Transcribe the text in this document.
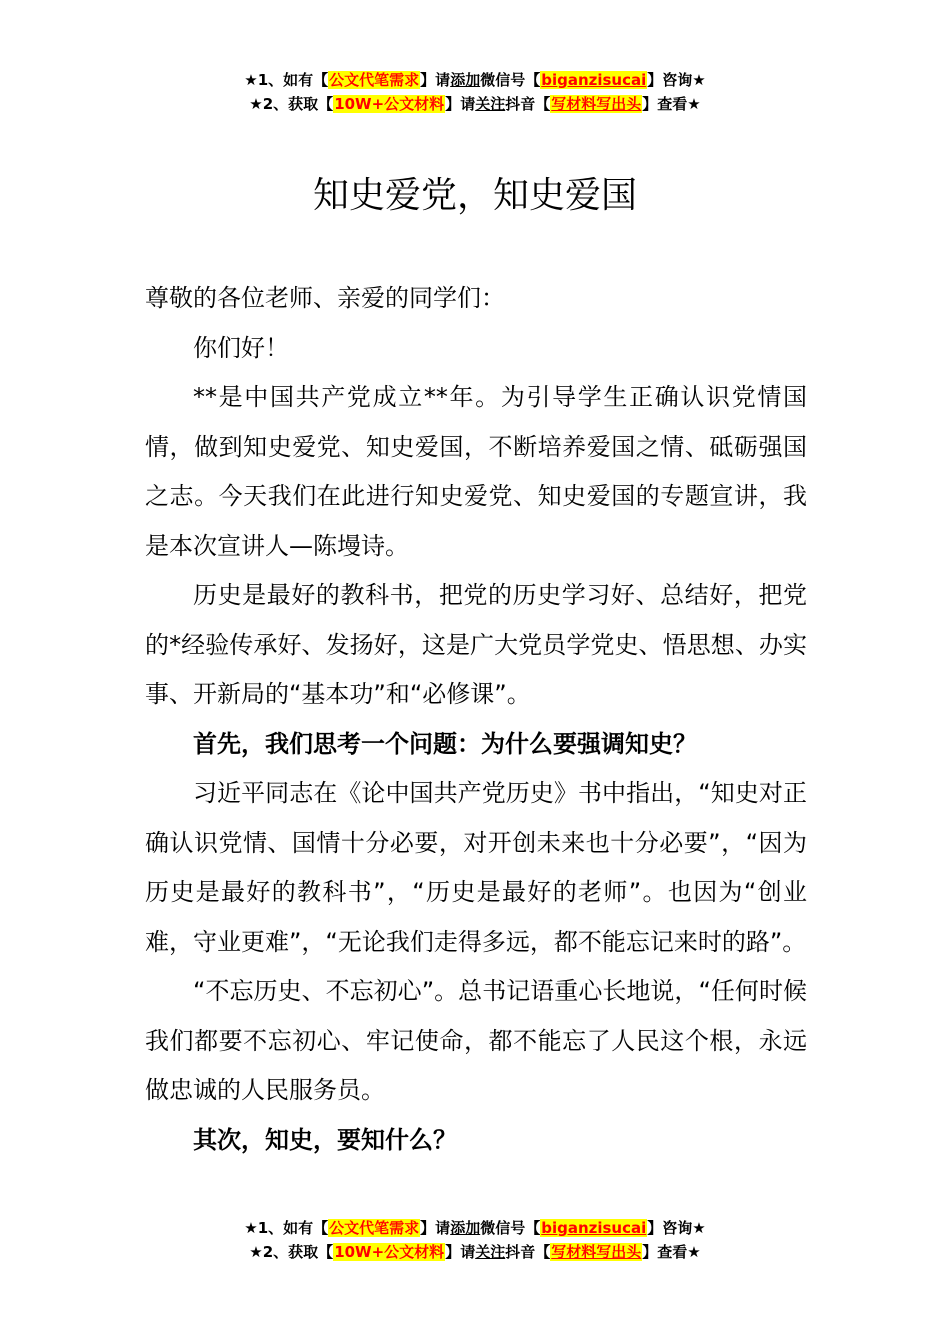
★1、如有【公文代笔需求】请添加微信号【biganzisucai】咨询★
★2、获取【10W+公文材料】请关注抖音【写材料写出头】查看★
知史爱党，知史爱国

尊敬的各位老师、亲爱的同学们：

你们好！

**是中国共产党成立**年。为引导学生正确认识党情国情，做到知史爱党、知史爱国，不断培养爱国之情、砥砺强国之志。今天我们在此进行知史爱党、知史爱国的专题宣讲，我是本次宣讲人—陈墁诗。

历史是最好的教科书，把党的历史学习好、总结好，把党的*经验传承好、发扬好，这是广大党员学党史、悟思想、办实事、开新局的“基本功”和“必修课”。

首先，我们思考一个问题：为什么要强调知史？

习近平同志在《论中国共产党历史》书中指出，“知史对正确认识党情、国情十分必要，对开创未来也十分必要”，“因为历史是最好的教科书”，“历史是最好的老师”。也因为“创业难，守业更难”，“无论我们走得多远，都不能忘记来时的路”。

“不忘历史、不忘初心”。总书记语重心长地说，“任何时候我们都要不忘初心、牢记使命，都不能忘了人民这个根，永远做忠诚的人民服务员。

其次，知史，要知什么？

★1、如有【公文代笔需求】请添加微信号【biganzisucai】咨询★
★2、获取【10W+公文材料】请关注抖音【写材料写出头】查看★
